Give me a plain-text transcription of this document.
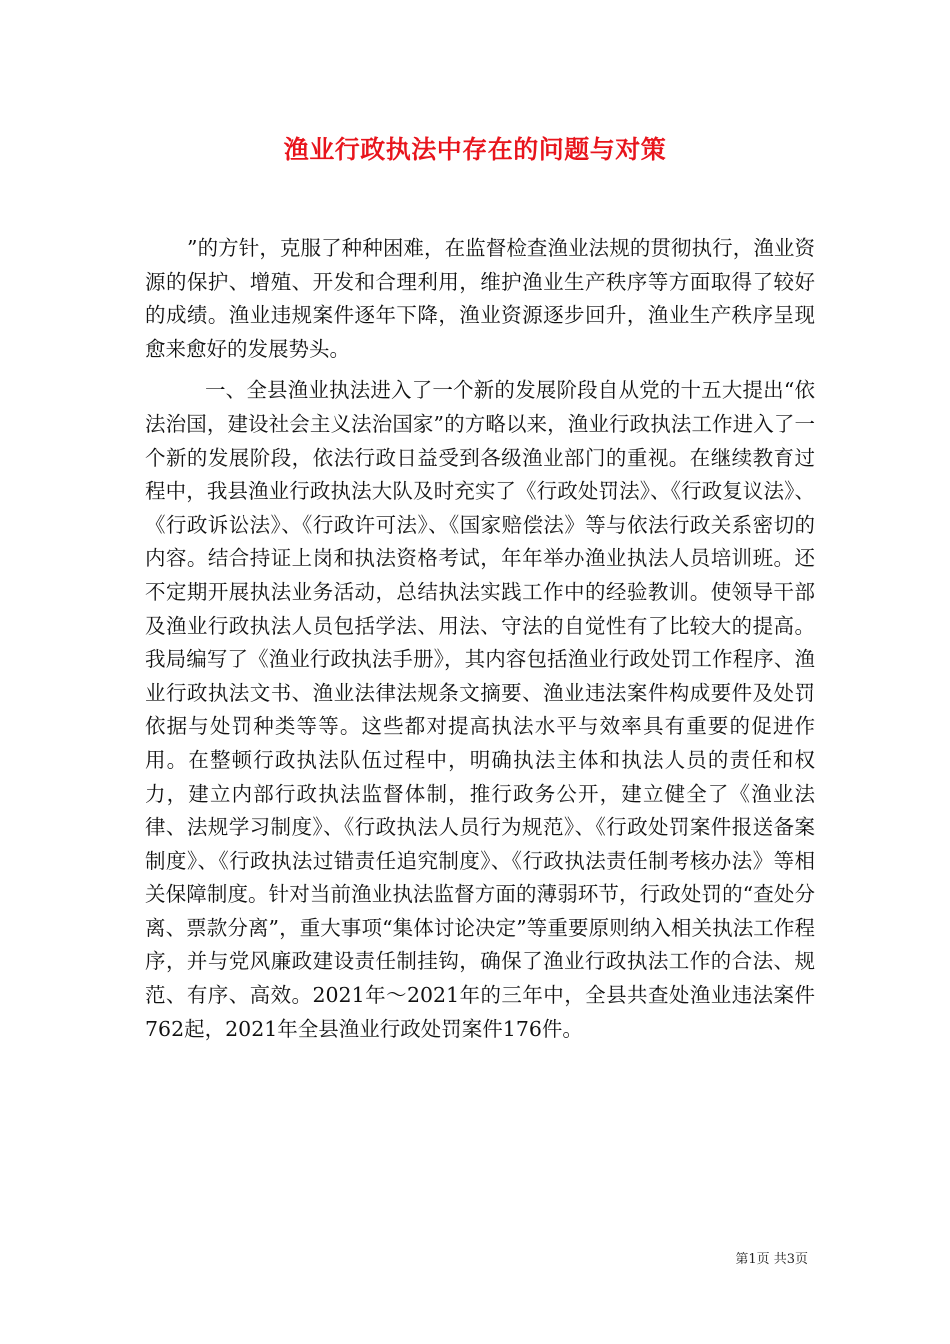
渔业行政执法中存在的问题与对策

”的方针，克服了种种困难，在监督检查渔业法规的贯彻执行，渔业资源的保护、增殖、开发和合理利用，维护渔业生产秩序等方面取得了较好的成绩。渔业违规案件逐年下降，渔业资源逐步回升，渔业生产秩序呈现愈来愈好的发展势头。

一、全县渔业执法进入了一个新的发展阶段自从党的十五大提出“依法治国，建设社会主义法治国家”的方略以来，渔业行政执法工作进入了一个新的发展阶段，依法行政日益受到各级渔业部门的重视。在继续教育过程中，我县渔业行政执法大队及时充实了《行政处罚法》、《行政复议法》、《行政诉讼法》、《行政许可法》、《国家赔偿法》等与依法行政关系密切的内容。结合持证上岗和执法资格考试，年年举办渔业执法人员培训班。还不定期开展执法业务活动，总结执法实践工作中的经验教训。使领导干部及渔业行政执法人员包括学法、用法、守法的自觉性有了比较大的提高。我局编写了《渔业行政执法手册》，其内容包括渔业行政处罚工作程序、渔业行政执法文书、渔业法律法规条文摘要、渔业违法案件构成要件及处罚依据与处罚种类等等。这些都对提高执法水平与效率具有重要的促进作用。在整顿行政执法队伍过程中，明确执法主体和执法人员的责任和权力，建立内部行政执法监督体制，推行政务公开，建立健全了《渔业法律、法规学习制度》、《行政执法人员行为规范》、《行政处罚案件报送备案制度》、《行政执法过错责任追究制度》、《行政执法责任制考核办法》等相关保障制度。针对当前渔业执法监督方面的薄弱环节，行政处罚的“查处分离、票款分离”，重大事项“集体讨论决定”等重要原则纳入相关执法工作程序，并与党风廉政建设责任制挂钩，确保了渔业行政执法工作的合法、规范、有序、高效。2021年～2021年的三年中，全县共查处渔业违法案件762起，2021年全县渔业行政处罚案件176件。

第1页 共3页
